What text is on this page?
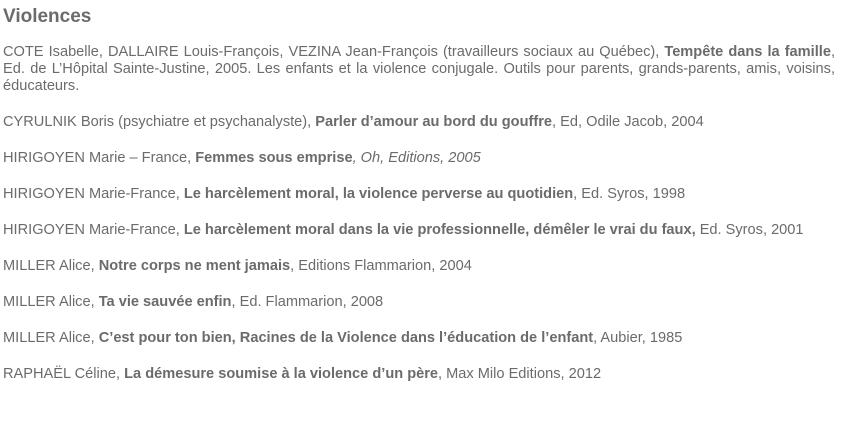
Violences

COTE Isabelle, DALLAIRE Louis-François, VEZINA Jean-François (travailleurs sociaux au Québec), Tempête dans la famille, Ed. de L’Hôpital Sainte-Justine, 2005. Les enfants et la violence conjugale. Outils pour parents, grands-parents, amis, voisins, éducateurs.

CYRULNIK Boris (psychiatre et psychanalyste), Parler d’amour au bord du gouffre, Ed, Odile Jacob, 2004

HIRIGOYEN Marie – France, Femmes sous emprise, Oh, Editions, 2005

HIRIGOYEN Marie-France, Le harcèlement moral, la violence perverse au quotidien, Ed. Syros, 1998

HIRIGOYEN Marie-France, Le harcèlement moral dans la vie professionnelle, démêler le vrai du faux, Ed. Syros, 2001

MILLER Alice, Notre corps ne ment jamais, Editions Flammarion, 2004

MILLER Alice, Ta vie sauvée enfin, Ed. Flammarion, 2008

MILLER Alice, C’est pour ton bien, Racines de la Violence dans l’éducation de l’enfant, Aubier, 1985

RAPHAËL Céline, La démesure soumise à la violence d’un père, Max Milo Editions, 2012
